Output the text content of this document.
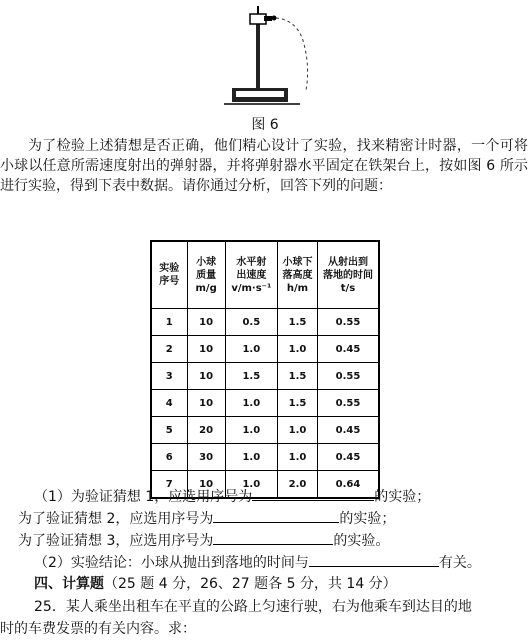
图 6

为了检验上述猜想是否正确，他们精心设计了实验，找来精密计时器，一个可将小球以任意所需速度射出的弹射器，并将弹射器水平固定在铁架台上，按如图 6 所示进行实验，得到下表中数据。请你通过分析，回答下列的问题：

实验
序号	小球
质量
m/g	水平射
出速度
v/m·s⁻¹	小球下
落高度
h/m	从射出到
落地的时间
t/s

1	10	0.5	1.5	0.55
2	10	1.0	1.0	0.45
3	10	1.5	1.5	0.55
4	10	1.0	1.5	0.55
5	20	1.0	1.0	0.45
6	30	1.0	1.0	0.45
7	10	1.0	2.0	0.64
（1）为验证猜想 1，应选用序号为	的实验；
为了验证猜想 2，应选用序号为	的实验；
为了验证猜想 3，应选用序号为	的实验。
（2）实验结论：小球从抛出到落地的时间与	有关。
四、计算题（25 题 4 分，26、27 题各 5 分，共 14 分）
25．某人乘坐出租车在平直的公路上匀速行驶，右为他乘车到达目的地
时的车费发票的有关内容。求：
